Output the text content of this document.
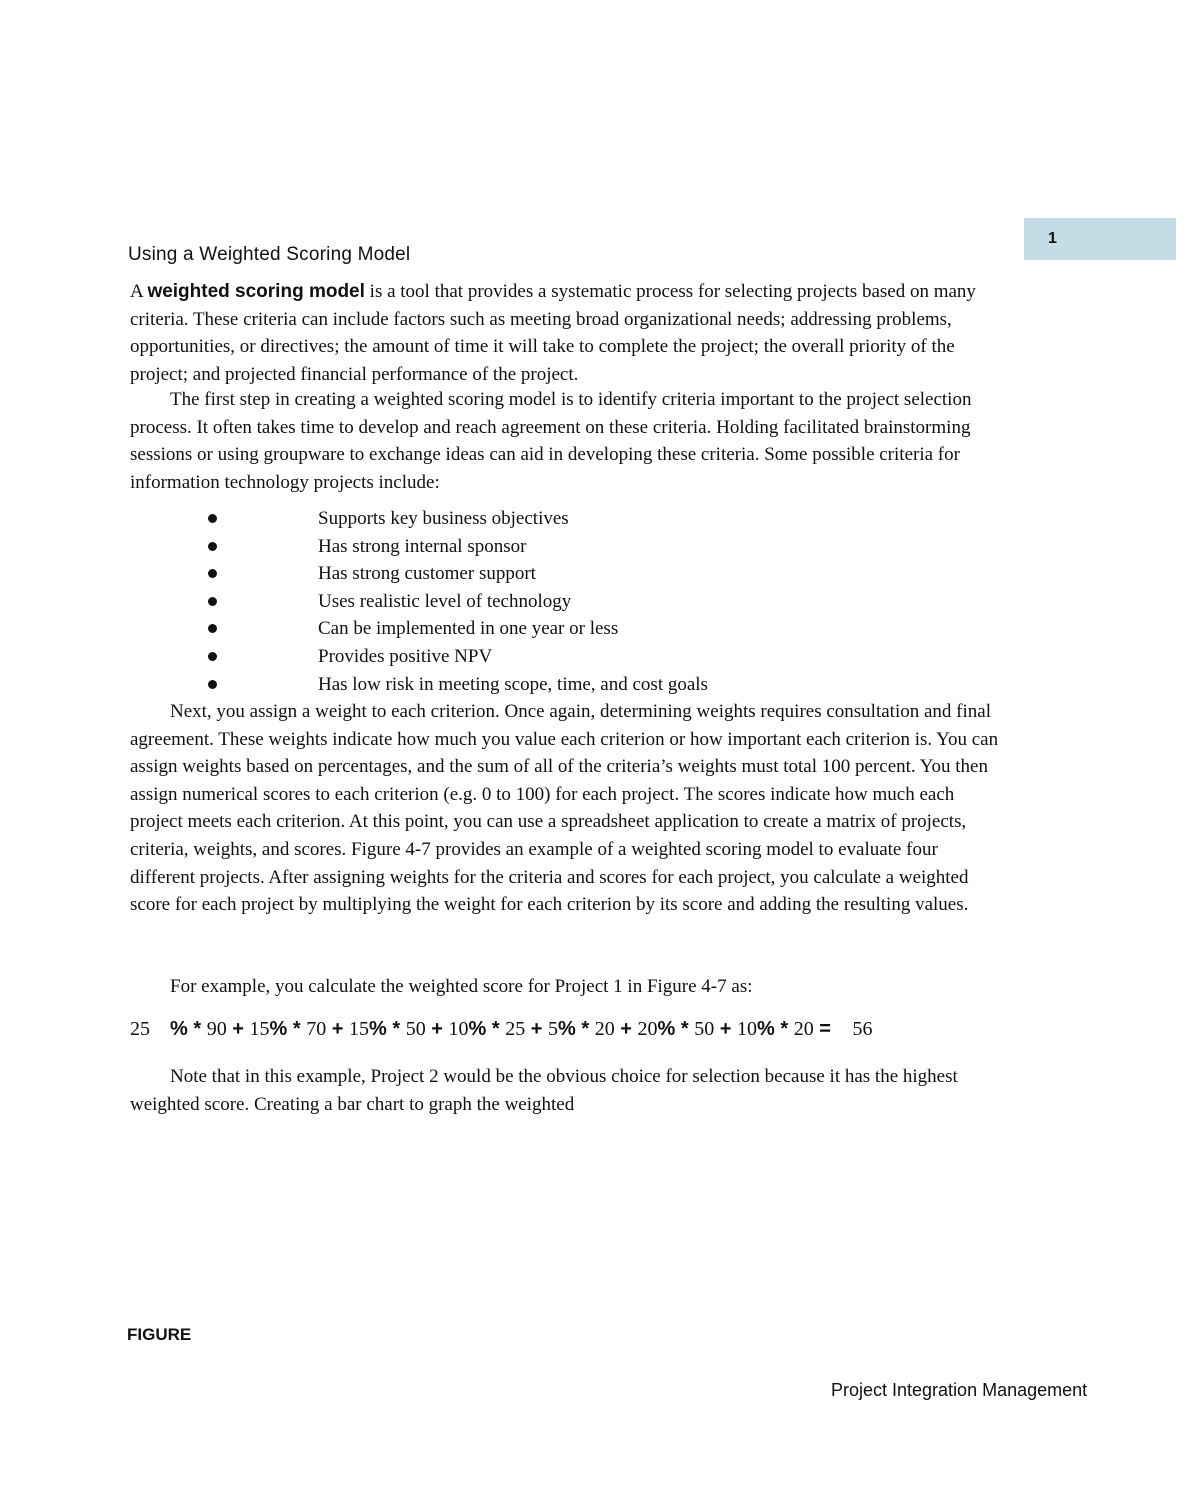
1
Using a Weighted Scoring Model

A weighted scoring model is a tool that provides a systematic process for selecting projects based on many criteria. These criteria can include factors such as meeting broad organizational needs; addressing problems, opportunities, or directives; the amount of time it will take to complete the project; the overall priority of the project; and projected financial performance of the project.

The first step in creating a weighted scoring model is to identify criteria important to the project selection process. It often takes time to develop and reach agreement on these criteria. Holding facilitated brainstorming sessions or using groupware to exchange ideas can aid in developing these criteria. Some possible criteria for information technology projects include:

Supports key business objectives
Has strong internal sponsor
Has strong customer support
Uses realistic level of technology
Can be implemented in one year or less
Provides positive NPV
Has low risk in meeting scope, time, and cost goals

Next, you assign a weight to each criterion. Once again, determining weights requires consultation and final agreement. These weights indicate how much you value each criterion or how important each criterion is. You can assign weights based on percentages, and the sum of all of the criteria’s weights must total 100 percent. You then assign numerical scores to each criterion (e.g. 0 to 100) for each project. The scores indicate how much each project meets each criterion. At this point, you can use a spreadsheet application to create a matrix of projects, criteria, weights, and scores. Figure 4-7 provides an example of a weighted scoring model to evaluate four different projects. After assigning weights for the criteria and scores for each project, you calculate a weighted score for each project by multiplying the weight for each criterion by its score and adding the resulting values.

For example, you calculate the weighted score for Project 1 in Figure 4-7 as:

25 % * 90 + 15% * 70 + 15% * 50 + 10% * 25 + 5% * 20 + 20% * 50 + 10% * 20 = 56

Note that in this example, Project 2 would be the obvious choice for selection because it has the highest weighted score. Creating a bar chart to graph the weighted

FIGURE
Project Integration Management
